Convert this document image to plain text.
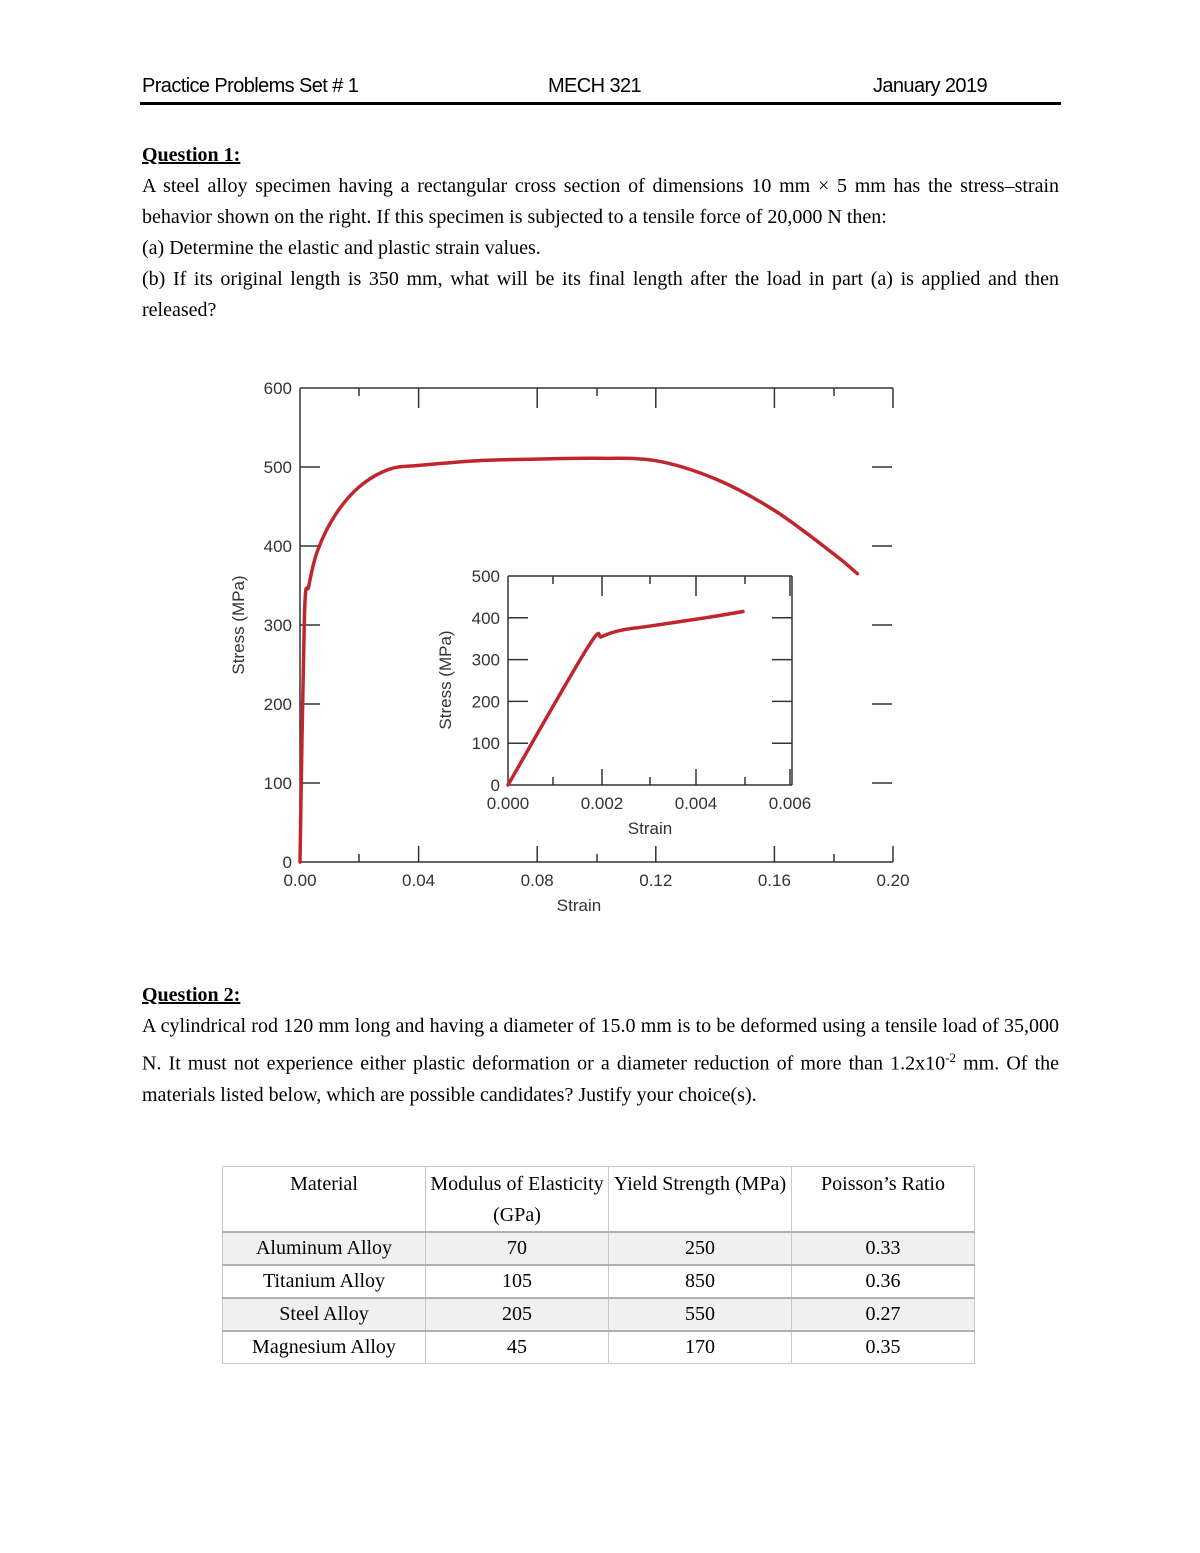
Practice Problems Set # 1	MECH 321	January 2019
Question 1:

A steel alloy specimen having a rectangular cross section of dimensions 10 mm × 5 mm has the stress–strain behavior shown on the right. If this specimen is subjected to a tensile force of 20,000 N then:

(a) Determine the elastic and plastic strain values.

(b) If its original length is 350 mm, what will be its final length after the load in part (a) is applied and then released?

0.00	0.04	0.08	0.12	0.16	0.20
0
100
200
300
400
500
600
0.000	0.002	0.004	0.006
0
100
200
300
400
500
Strain
Stress (MPa)
Strain
Stress (MPa)
Question 2:

A cylindrical rod 120 mm long and having a diameter of 15.0 mm is to be deformed using a tensile load of 35,000 N. It must not experience either plastic deformation or a diameter reduction of more than $1.2x10^{-2}$ mm. Of the materials listed below, which are possible candidates? Justify your choice(s).

Material	Modulus of Elasticity (GPa)	Yield Strength (MPa)	Poisson’s Ratio
Aluminum Alloy	70	250	0.33
Titanium Alloy	105	850	0.36
Steel Alloy	205	550	0.27
Magnesium Alloy	45	170	0.35
